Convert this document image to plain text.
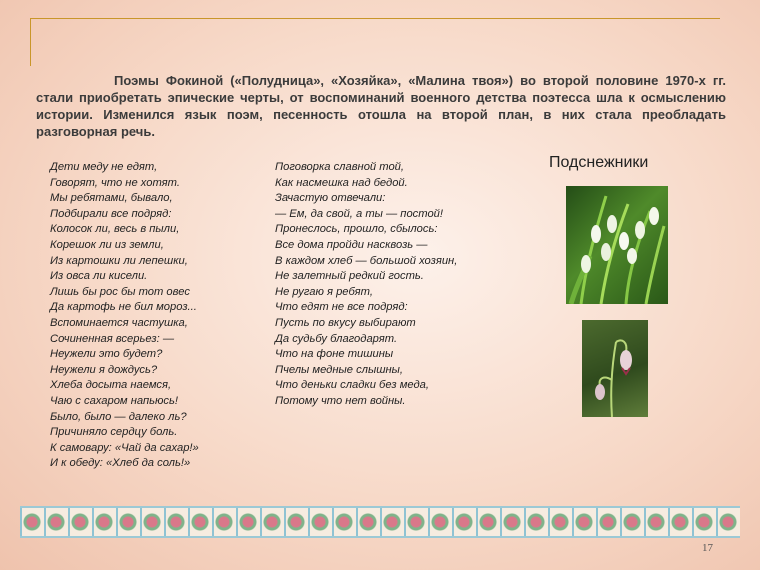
Поэмы Фокиной («Полудница», «Хозяйка», «Малина твоя») во второй половине 1970-х гг. стали приобретать эпические черты, от воспоминаний военного детства поэтесса шла к осмыслению истории. Изменился язык поэм, песенность отошла на второй план, в них стала преобладать разговорная речь.
Дети меду не едят,
Говорят, что не хотят.
Мы ребятами, бывало,
Подбирали все подряд:
Колосок ли, весь в пыли,
Корешок ли из земли,
Из картошки ли лепешки,
Из овса ли кисели.
Лишь бы рос бы тот овес
Да картофь не бил мороз...
Вспоминается частушка,
Сочиненная всерьез: —
Неужели это будет?
Неужели я дождусь?
Хлеба досыта наемся,
Чаю с сахаром напьюсь!
Было, было — далеко ль?
Причиняло сердцу боль.
К самовару: «Чай да сахар!»
И к обеду: «Хлеб да соль!»
Поговорка славной той,
Как насмешка над бедой.
Зачастую отвечали:
— Ем, да свой, а ты — постой!
Пронеслось, прошло, сбылось:
Все дома пройди насквозь —
В каждом хлеб — большой хозяин,
Не залетный редкий гость.
Не ругаю я ребят,
Что едят не все подряд:
Пусть по вкусу выбирают
Да судьбу благодарят.
Что на фоне тишины
Пчелы медные слышны,
Что деньки сладки без меда,
Потому что нет войны.
Подснежники
17
